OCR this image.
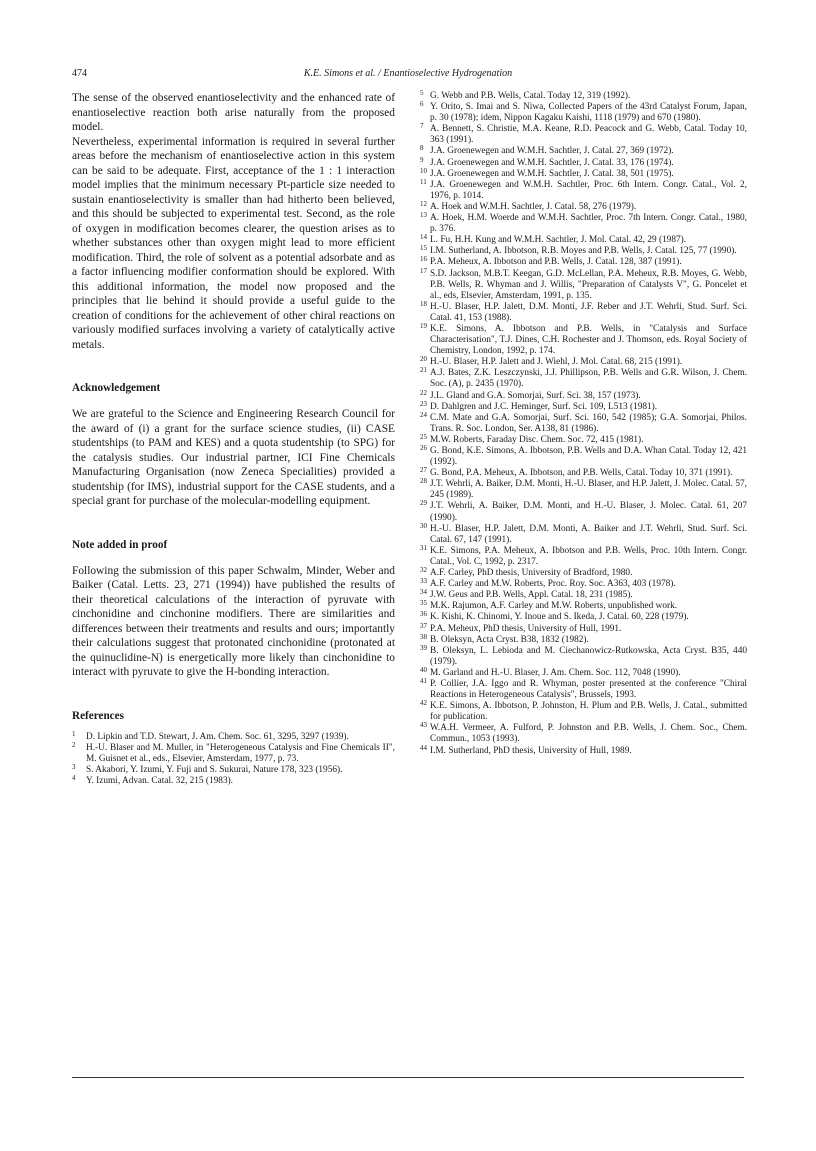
474	K.E. Simons et al. / Enantioselective Hydrogenation

The sense of the observed enantioselectivity and the enhanced rate of enantioselective reaction both arise naturally from the proposed model.

Nevertheless, experimental information is required in several further areas before the mechanism of enantioselective action in this system can be said to be adequate. First, acceptance of the 1 : 1 interaction model implies that the minimum necessary Pt-particle size needed to sustain enantioselectivity is smaller than had hitherto been believed, and this should be subjected to experimental test. Second, as the role of oxygen in modification becomes clearer, the question arises as to whether substances other than oxygen might lead to more efficient modification. Third, the role of solvent as a potential adsorbate and as a factor influencing modifier conformation should be explored. With this additional information, the model now proposed and the principles that lie behind it should provide a useful guide to the creation of conditions for the achievement of other chiral reactions on variously modified surfaces involving a variety of catalytically active metals.

Acknowledgement

We are grateful to the Science and Engineering Research Council for the award of (i) a grant for the surface science studies, (ii) CASE studentships (to PAM and KES) and a quota studentship (to SPG) for the catalysis studies. Our industrial partner, ICI Fine Chemicals Manufacturing Organisation (now Zeneca Specialities) provided a studentship (for IMS), industrial support for the CASE students, and a special grant for purchase of the molecular-modelling equipment.

Note added in proof

Following the submission of this paper Schwalm, Minder, Weber and Baiker (Catal. Letts. 23, 271 (1994)) have published the results of their theoretical calculations of the interaction of pyruvate with cinchonidine and cinchonine modifiers. There are similarities and differences between their treatments and results and ours; importantly their calculations suggest that protonated cinchonidine (protonated at the quinuclidine-N) is energetically more likely than cinchonidine to interact with pyruvate to give the H-bonding interaction.

References
1 D. Lipkin and T.D. Stewart, J. Am. Chem. Soc. 61, 3295, 3297 (1939).
2 H.-U. Blaser and M. Muller, in "Heterogeneous Catalysis and Fine Chemicals II", M. Guisnet et al., eds., Elsevier, Amsterdam, 1977, p. 73.
3 S. Akabori, Y. Izumi, Y. Fuji and S. Sukurai, Nature 178, 323 (1956).
4 Y. Izumi, Advan. Catal. 32, 215 (1983).
5 G. Webb and P.B. Wells, Catal. Today 12, 319 (1992).
6 Y. Orito, S. Imai and S. Niwa, Collected Papers of the 43rd Catalyst Forum, Japan, p. 30 (1978); idem, Nippon Kagaku Kaishi, 1118 (1979) and 670 (1980).
7 A. Bennett, S. Christie, M.A. Keane, R.D. Peacock and G. Webb, Catal. Today 10, 363 (1991).
8 J.A. Groenewegen and W.M.H. Sachtler, J. Catal. 27, 369 (1972).
9 J.A. Groenewegen and W.M.H. Sachtler, J. Catal. 33, 176 (1974).
10 J.A. Groenewegen and W.M.H. Sachtler, J. Catal. 38, 501 (1975).
11 J.A. Groenewegen and W.M.H. Sachtler, Proc. 6th Intern. Congr. Catal., Vol. 2, 1976, p. 1014.
12 A. Hoek and W.M.H. Sachtler, J. Catal. 58, 276 (1979).
13 A. Hoek, H.M. Woerde and W.M.H. Sachtler, Proc. 7th Intern. Congr. Catal., 1980, p. 376.
14 L. Fu, H.H. Kung and W.M.H. Sachtler, J. Mol. Catal. 42, 29 (1987).
15 I.M. Sutherland, A. Ibbotson, R.B. Moyes and P.B. Wells, J. Catal. 125, 77 (1990).
16 P.A. Meheux, A. Ibbotson and P.B. Wells, J. Catal. 128, 387 (1991).
17 S.D. Jackson, M.B.T. Keegan, G.D. McLellan, P.A. Meheux, R.B. Moyes, G. Webb, P.B. Wells, R. Whyman and J. Willis, "Preparation of Catalysts V", G. Poncelet et al., eds, Elsevier, Amsterdam, 1991, p. 135.
18 H.-U. Blaser, H.P. Jalett, D.M. Monti, J.F. Reber and J.T. Wehrli, Stud. Surf. Sci. Catal. 41, 153 (1988).
19 K.E. Simons, A. Ibbotson and P.B. Wells, in "Catalysis and Surface Characterisation", T.J. Dines, C.H. Rochester and J. Thomson, eds. Royal Society of Chemistry, London, 1992, p. 174.
20 H.-U. Blaser, H.P. Jalett and J. Wiehl, J. Mol. Catal. 68, 215 (1991).
21 A.J. Bates, Z.K. Leszczynski, J.J. Phillipson, P.B. Wells and G.R. Wilson, J. Chem. Soc. (A), p. 2435 (1970).
22 J.L. Gland and G.A. Somorjai, Surf. Sci. 38, 157 (1973).
23 D. Dahlgren and J.C. Heminger, Surf. Sci. 109, L513 (1981).
24 C.M. Mate and G.A. Somorjai, Surf. Sci. 160, 542 (1985); G.A. Somorjai, Philos. Trans. R. Soc. London, Ser. A138, 81 (1986).
25 M.W. Roberts, Faraday Disc. Chem. Soc. 72, 415 (1981).
26 G. Bond, K.E. Simons, A. Ibbotson, P.B. Wells and D.A. Whan Catal. Today 12, 421 (1992).
27 G. Bond, P.A. Meheux, A. Ibbotson, and P.B. Wells, Catal. Today 10, 371 (1991).
28 J.T. Wehrli, A. Baiker, D.M. Monti, H.-U. Blaser, and H.P. Jalett, J. Molec. Catal. 57, 245 (1989).
29 J.T. Wehrli, A. Baiker, D.M. Monti, and H.-U. Blaser, J. Molec. Catal. 61, 207 (1990).
30 H.-U. Blaser, H.P. Jalett, D.M. Monti, A. Baiker and J.T. Wehrli, Stud. Surf. Sci. Catal. 67, 147 (1991).
31 K.E. Simons, P.A. Meheux, A. Ibbotson and P.B. Wells, Proc. 10th Intern. Congr. Catal., Vol. C, 1992, p. 2317.
32 A.F. Carley, PhD thesis, University of Bradford, 1980.
33 A.F. Carley and M.W. Roberts, Proc. Roy. Soc. A363, 403 (1978).
34 J.W. Geus and P.B. Wells, Appl. Catal. 18, 231 (1985).
35 M.K. Rajumon, A.F. Carley and M.W. Roberts, unpublished work.
36 K. Kishi, K. Chinomi, Y. Inoue and S. Ikeda, J. Catal. 60, 228 (1979).
37 P.A. Meheux, PhD thesis, University of Hull, 1991.
38 B. Oleksyn, Acta Cryst. B38, 1832 (1982).
39 B. Oleksyn, L. Lebioda and M. Ciechanowicz-Rutkowska, Acta Cryst. B35, 440 (1979).
40 M. Garland and H.-U. Blaser, J. Am. Chem. Soc. 112, 7048 (1990).
41 P. Collier, J.A. Iggo and R. Whyman, poster presented at the conference "Chiral Reactions in Heterogeneous Catalysis", Brussels, 1993.
42 K.E. Simons, A. Ibbotson, P. Johnston, H. Plum and P.B. Wells, J. Catal., submitted for publication.
43 W.A.H. Vermeer, A. Fulford, P. Johnston and P.B. Wells, J. Chem. Soc., Chem. Commun., 1053 (1993).
44 I.M. Sutherland, PhD thesis, University of Hull, 1989.
